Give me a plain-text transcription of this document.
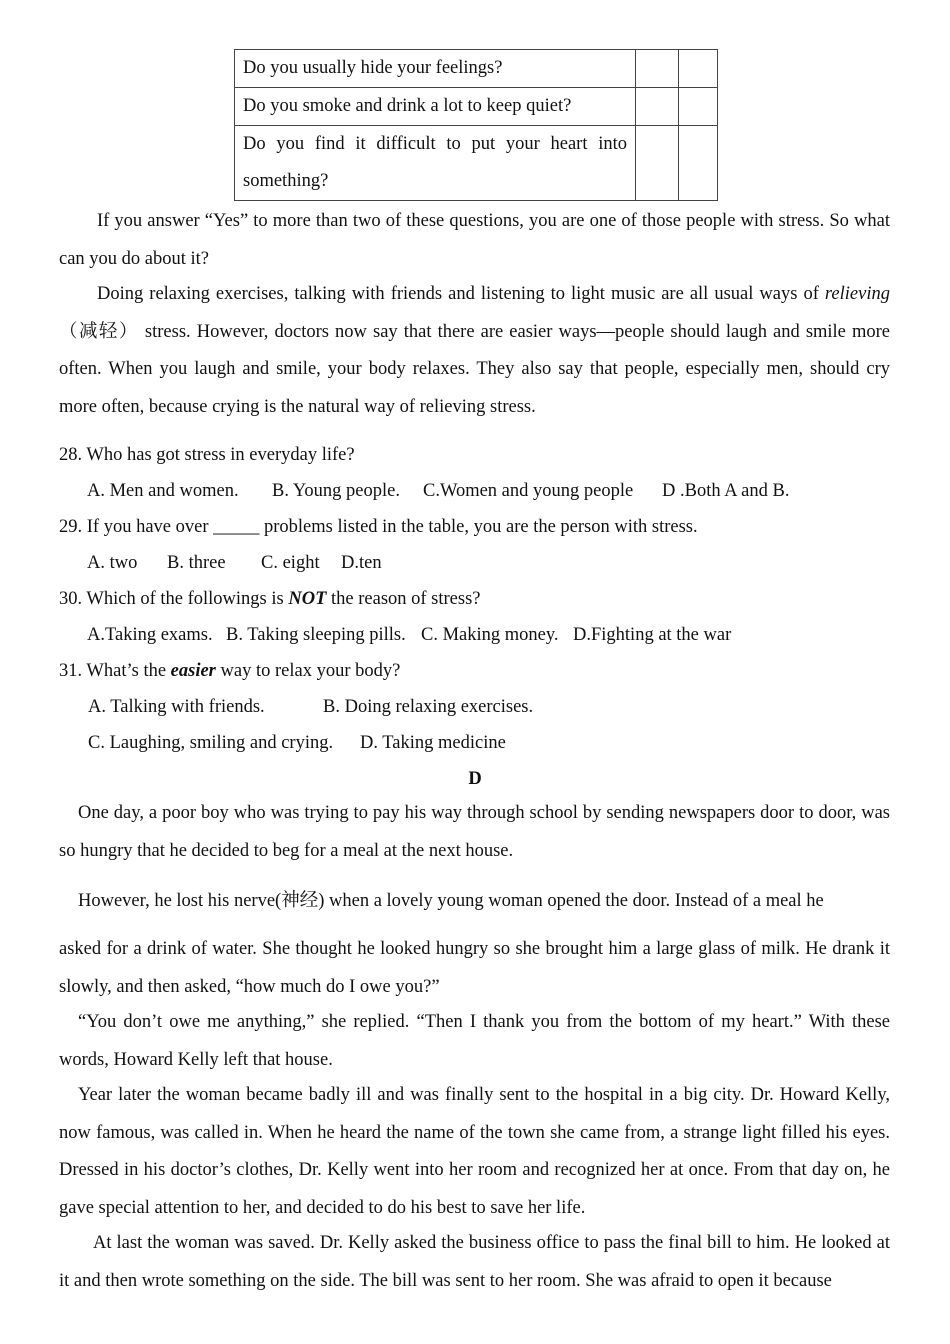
Do you usually hide your feelings?		
Do you smoke and drink a lot to keep quiet?		
Do you find it difficult to put your heart into something?		

If you answer “Yes” to more than two of these questions, you are one of those people with stress. So what can you do about it?

Doing relaxing exercises, talking with friends and listening to light music are all usual ways of relieving（减轻） stress. However, doctors now say that there are easier ways—people should laugh and smile more often. When you laugh and smile, your body relaxes. They also say that people, especially men, should cry more often, because crying is the natural way of relieving stress.

28. Who has got stress in everyday life?
A. Men and women. B. Young people. C.Women and young people D .Both A and B.
29. If you have over _____ problems listed in the table, you are the person with stress.
A. two B. three C. eight D.ten
30. Which of the followings is NOT the reason of stress?
A.Taking exams. B. Taking sleeping pills. C. Making money. D.Fighting at the war
31. What’s the easier way to relax your body?
A. Talking with friends.	B. Doing relaxing exercises.
C. Laughing, smiling and crying. D. Taking medicine
D

One day, a poor boy who was trying to pay his way through school by sending newspapers door to door, was so hungry that he decided to beg for a meal at the next house.

However, he lost his nerve(神经) when a lovely young woman opened the door. Instead of a meal he

asked for a drink of water. She thought he looked hungry so she brought him a large glass of milk. He drank it slowly, and then asked, “how much do I owe you?”

“You don’t owe me anything,” she replied. “Then I thank you from the bottom of my heart.” With these words, Howard Kelly left that house.

Year later the woman became badly ill and was finally sent to the hospital in a big city. Dr. Howard Kelly, now famous, was called in. When he heard the name of the town she came from, a strange light filled his eyes. Dressed in his doctor’s clothes, Dr. Kelly went into her room and recognized her at once. From that day on, he gave special attention to her, and decided to do his best to save her life.

At last the woman was saved. Dr. Kelly asked the business office to pass the final bill to him. He looked at it and then wrote something on the side. The bill was sent to her room. She was afraid to open it because
